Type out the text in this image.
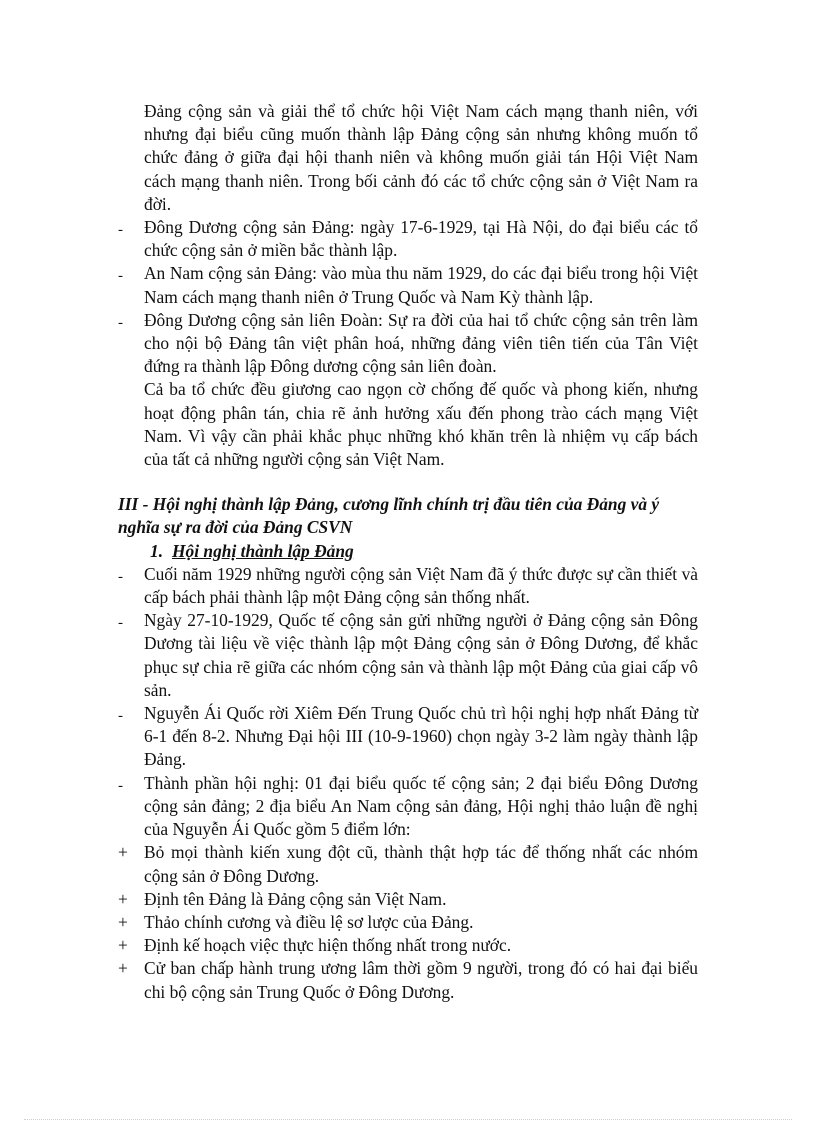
Đảng cộng sản và giải thể tổ chức hội Việt Nam cách mạng thanh niên, với nhưng đại biểu cũng muốn thành lập Đảng cộng sản nhưng không muốn tổ chức đảng ở giữa đại hội thanh niên và không muốn giải tán Hội Việt Nam cách mạng thanh niên. Trong bối cảnh đó các tổ chức cộng sản ở Việt Nam ra đời.
-	Đông Dương cộng sản Đảng: ngày 17-6-1929, tại Hà Nội, do đại biểu các tổ chức cộng sản ở miền bắc thành lập.
-	An Nam cộng sản Đảng: vào mùa thu năm 1929, do các đại biểu trong hội Việt Nam cách mạng thanh niên ở Trung Quốc và Nam Kỳ thành lập.
-	Đông Dương cộng sản liên Đoàn: Sự ra đời của hai tổ chức cộng sản trên làm cho nội bộ Đảng tân việt phân hoá, những đảng viên tiên tiến của Tân Việt đứng ra thành lập Đông dương cộng sản liên đoàn.
Cả ba tổ chức đều giương cao ngọn cờ chống đế quốc và phong kiến, nhưng hoạt động phân tán, chia rẽ ảnh hưởng xấu đến phong trào cách mạng Việt Nam. Vì vậy cần phải khắc phục những khó khăn trên là nhiệm vụ cấp bách của tất cả những người cộng sản Việt Nam.
III - Hội nghị thành lập Đảng, cương lĩnh chính trị đầu tiên của Đảng và ý nghĩa sự ra đời của Đảng CSVN
1. Hội nghị thành lập Đảng
-	Cuối năm 1929 những người cộng sản Việt Nam đã ý thức được sự cần thiết và cấp bách phải thành lập một Đảng cộng sản thống nhất.
-	Ngày 27-10-1929, Quốc tế cộng sản gửi những người ở Đảng cộng sản Đông Dương tài liệu về việc thành lập một Đảng cộng sản ở Đông Dương, để khắc phục sự chia rẽ giữa các nhóm cộng sản và thành lập một Đảng của giai cấp vô sản.
-	Nguyễn Ái Quốc rời Xiêm Đến Trung Quốc chủ trì hội nghị hợp nhất Đảng từ 6-1 đến 8-2. Nhưng Đại hội III (10-9-1960) chọn ngày 3-2 làm ngày thành lập Đảng.
-	Thành phần hội nghị: 01 đại biểu quốc tế cộng sản; 2 đại biểu Đông Dương cộng sản đảng; 2 địa biểu An Nam cộng sản đảng, Hội nghị thảo luận đề nghị của Nguyễn Ái Quốc gồm 5 điểm lớn:
+ Bỏ mọi thành kiến xung đột cũ, thành thật hợp tác để thống nhất các nhóm cộng sản ở Đông Dương.
+ Định tên Đảng là Đảng cộng sản Việt Nam.
+ Thảo chính cương và điều lệ sơ lược của Đảng.
+ Định kế hoạch việc thực hiện thống nhất trong nước.
+ Cử ban chấp hành trung ương lâm thời gồm 9 người, trong đó có hai đại biểu chi bộ cộng sản Trung Quốc ở Đông Dương.
